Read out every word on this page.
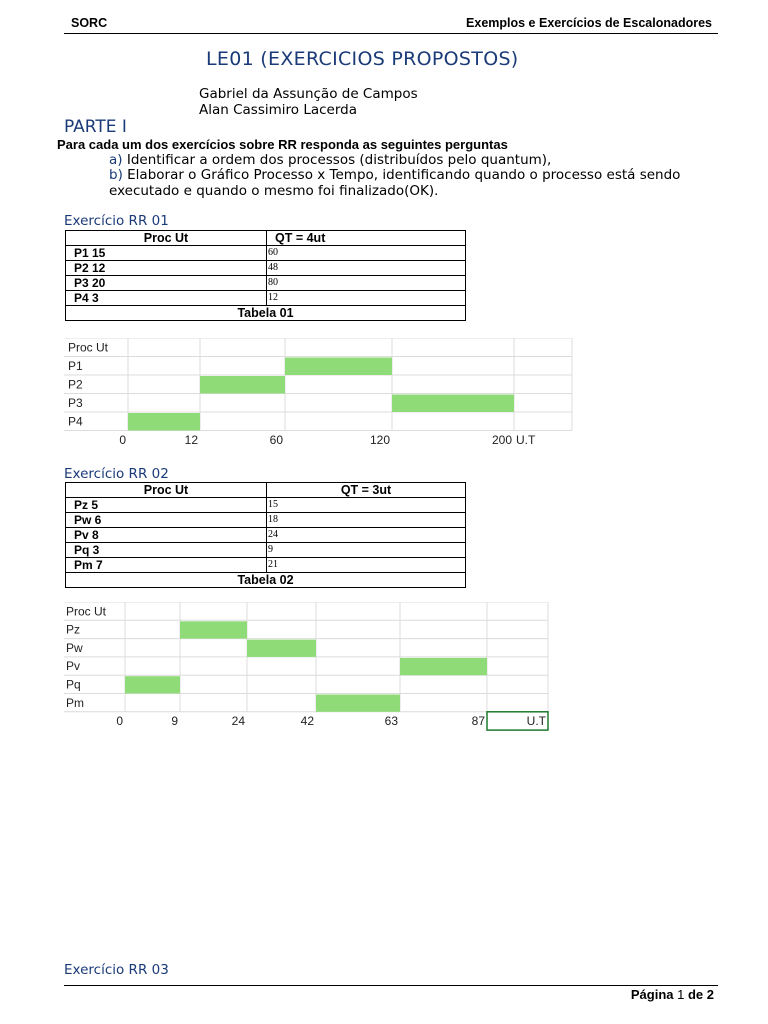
SORC	Exemplos e Exercícios de Escalonadores
LE01 (EXERCICIOS PROPOSTOS)
Gabriel da Assunção de Campos
Alan Cassimiro Lacerda
PARTE I
Para cada um dos exercícios sobre RR responda as seguintes perguntas
a) Identificar a ordem dos processos (distribuídos pelo quantum),
b) Elaborar o Gráfico Processo x Tempo, identificando quando o processo está sendo
executado e quando o mesmo foi finalizado(OK).
Exercício RR 01
Proc Ut	QT = 4ut
P1 15	60
P2 12	48
P3 20	80
P4 3	12
Tabela 01	
Proc Ut
P1
P2
P3
P4
0	12	60	120	200 U.T
Exercício RR 02
Proc Ut	QT = 3ut
Pz 5	15
Pw 6	18
Pv 8	24
Pq 3	9
Pm 7	21
Tabela 02	
Proc Ut
Pz
Pw
Pv
Pq
Pm
0	9	24	42	63	87	U.T
Exercício RR 03
Página 1 de 2
